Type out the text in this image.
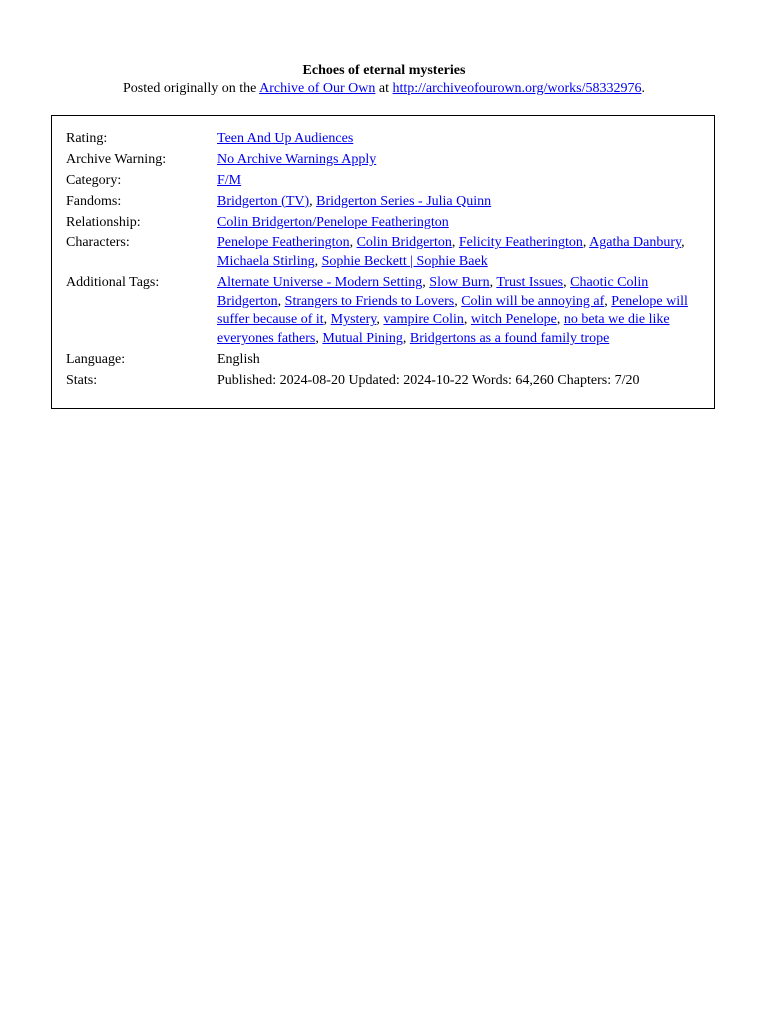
Echoes of eternal mysteries
Posted originally on the Archive of Our Own at http://archiveofourown.org/works/58332976.
Rating:	Teen And Up Audiences
Archive Warning:	No Archive Warnings Apply
Category:	F/M
Fandoms:	Bridgerton (TV), Bridgerton Series - Julia Quinn
Relationship:	Colin Bridgerton/Penelope Featherington
Characters:	Penelope Featherington, Colin Bridgerton, Felicity Featherington, Agatha Danbury, Michaela Stirling, Sophie Beckett | Sophie Baek
Additional Tags:	Alternate Universe - Modern Setting, Slow Burn, Trust Issues, Chaotic Colin Bridgerton, Strangers to Friends to Lovers, Colin will be annoying af, Penelope will suffer because of it, Mystery, vampire Colin, witch Penelope, no beta we die like everyones fathers, Mutual Pining, Bridgertons as a found family trope
Language:	English
Stats:	Published: 2024-08-20 Updated: 2024-10-22 Words: 64,260 Chapters: 7/20
